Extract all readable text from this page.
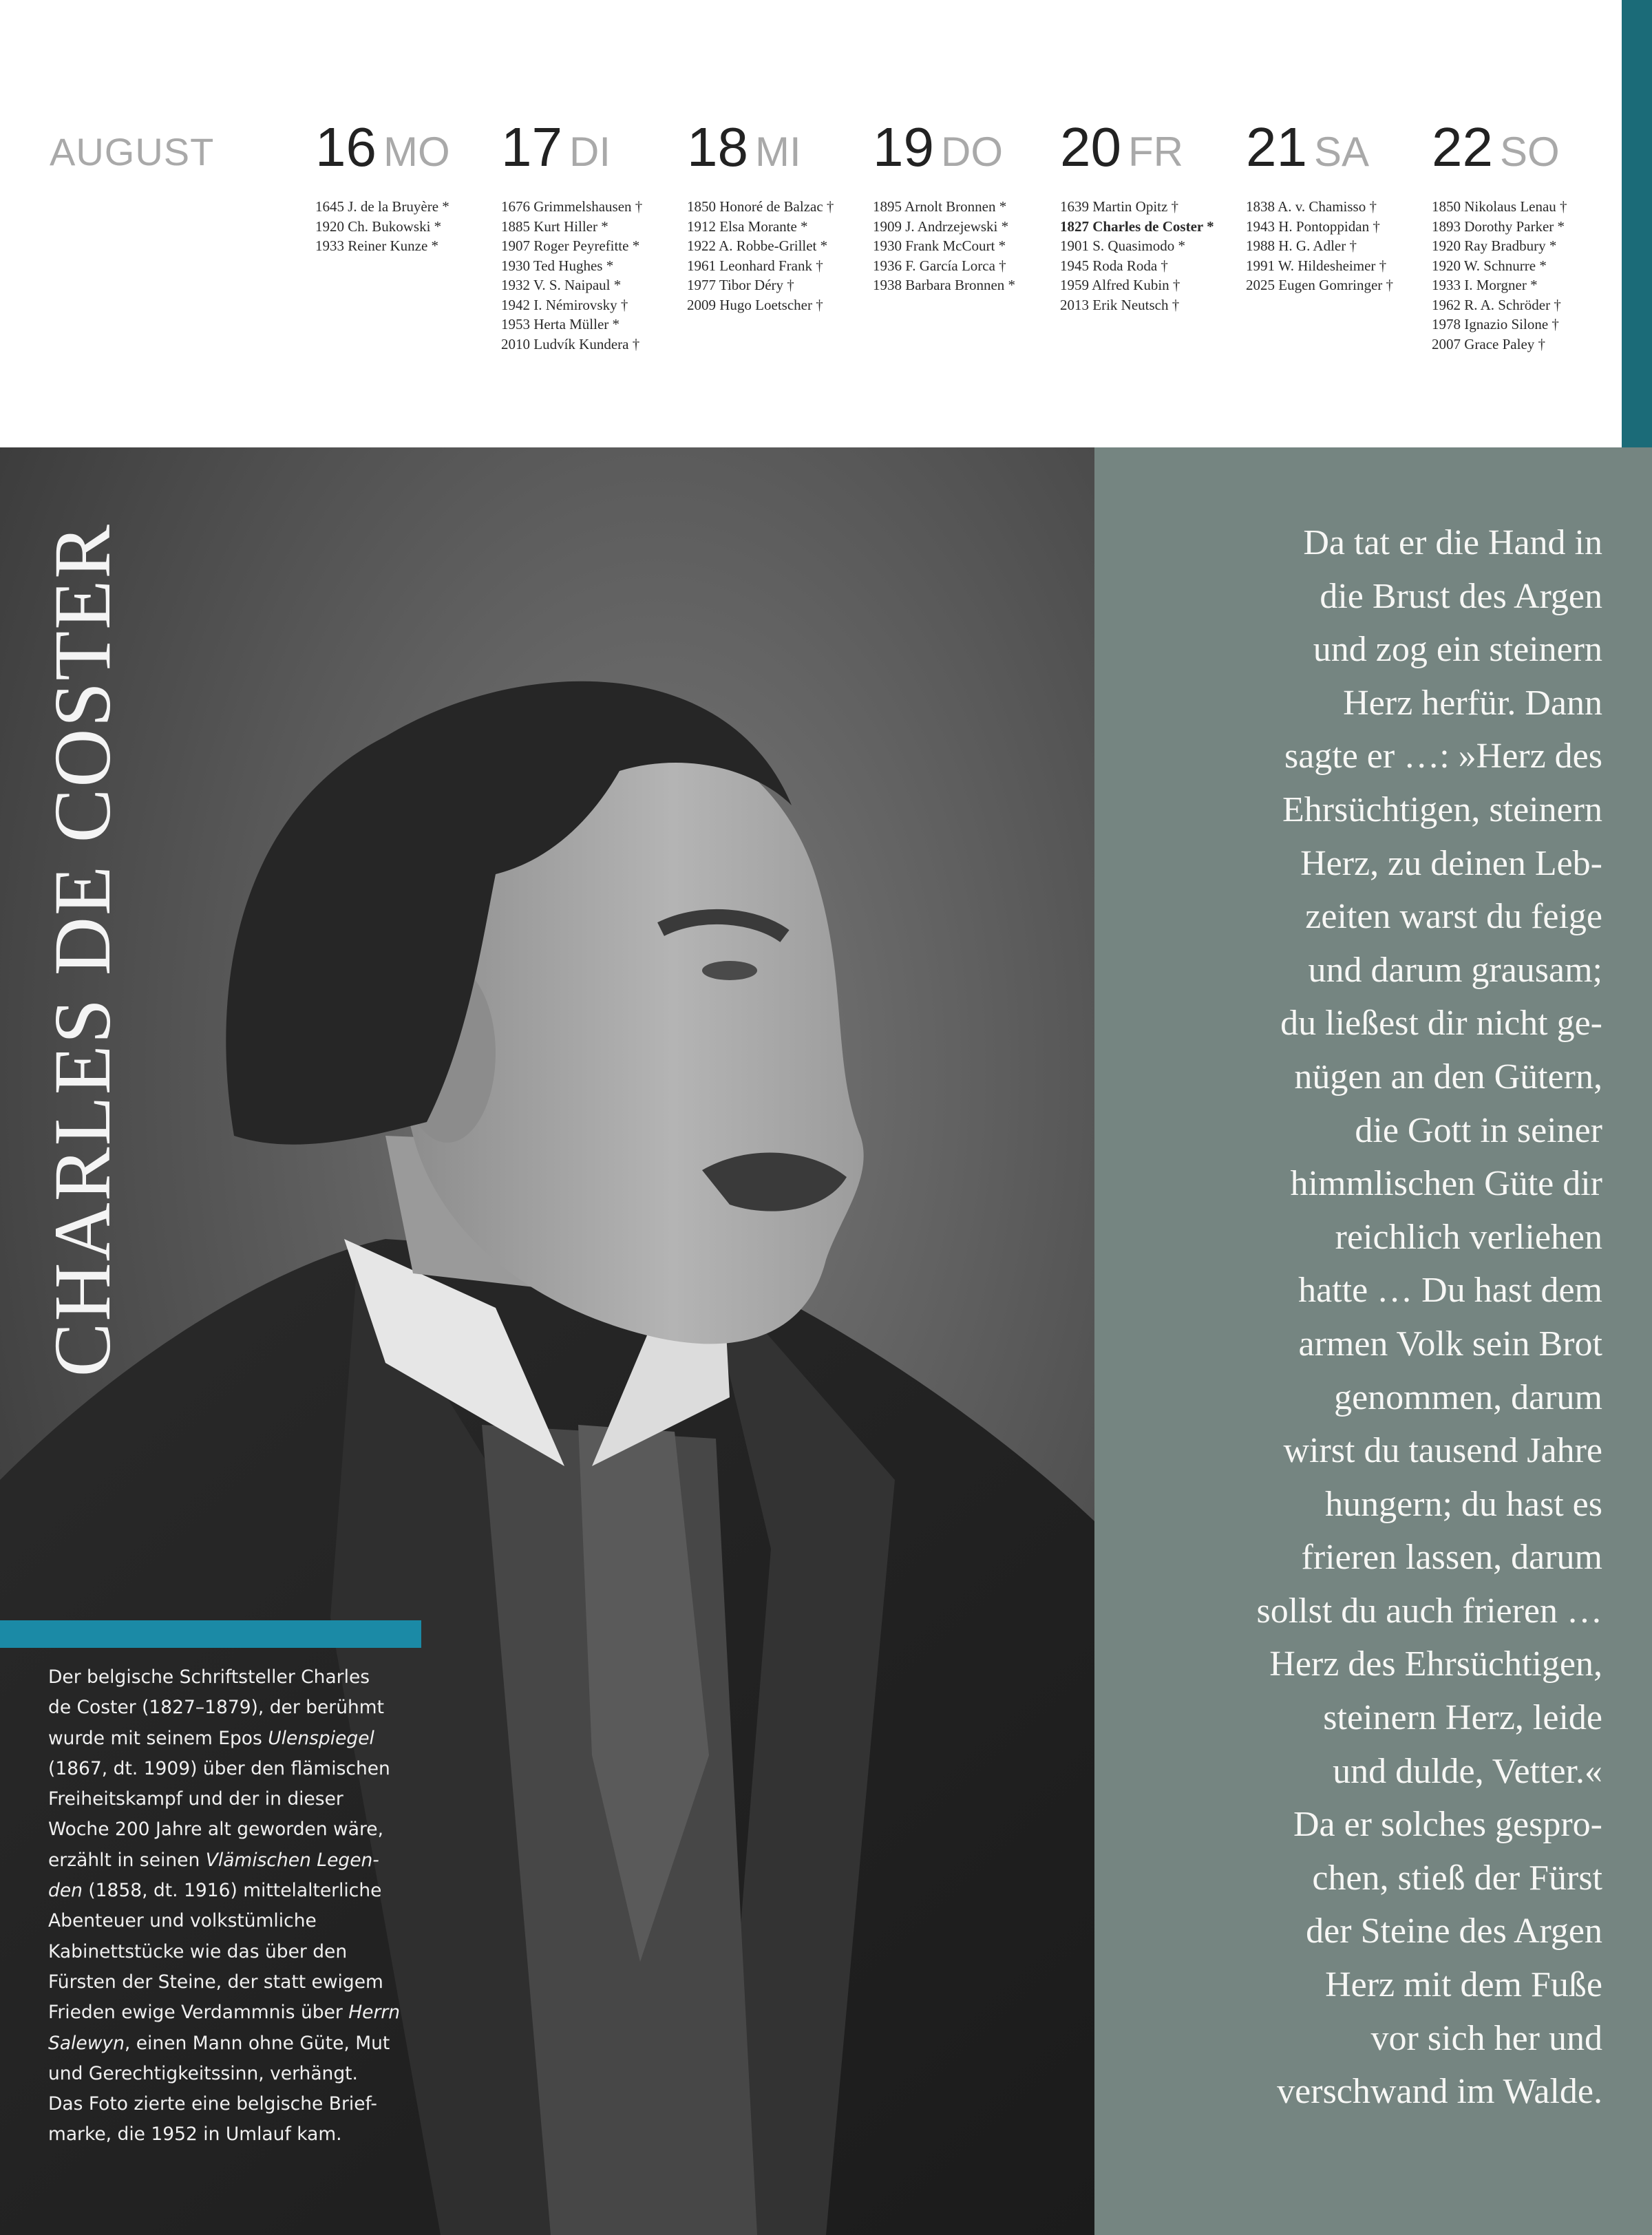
AUGUST 16 MO
1645 J. de la Bruyère *
1920 Ch. Bukowski *
1933 Reiner Kunze *
17 DI
1676 Grimmelshausen †
1885 Kurt Hiller *
1907 Roger Peyrefitte *
1930 Ted Hughes *
1932 V. S. Naipaul *
1942 I. Némirovsky †
1953 Herta Müller *
2010 Ludvík Kundera †
18 MI
1850 Honoré de Balzac †
1912 Elsa Morante *
1922 A. Robbe-Grillet *
1961 Leonhard Frank †
1977 Tibor Déry †
2009 Hugo Loetscher †
19 DO
1895 Arnolt Bronnen *
1909 J. Andrzejewski *
1930 Frank McCourt *
1936 F. García Lorca †
1938 Barbara Bronnen *
20 FR
1639 Martin Opitz †
1827 Charles de Coster *
1901 S. Quasimodo *
1945 Roda Roda †
1959 Alfred Kubin †
2013 Erik Neutsch †
21 SA
1838 A. v. Chamisso †
1943 H. Pontoppidan †
1988 H. G. Adler †
1991 W. Hildesheimer †
2025 Eugen Gomringer †
22 SO
1850 Nikolaus Lenau †
1893 Dorothy Parker *
1920 Ray Bradbury *
1920 W. Schnurre *
1933 I. Morgner *
1962 R. A. Schröder †
1978 Ignazio Silone †
2007 Grace Paley †
CHARLES DE COSTER

Der belgische Schriftsteller Charles

de Coster (1827–1879), der berühmt

wurde mit seinem Epos Ulenspiegel

(1867, dt. 1909) über den flämischen

Freiheitskampf und der in dieser

Woche 200 Jahre alt geworden wäre,

erzählt in seinen Vlämischen Legen-

den (1858, dt. 1916) mittelalterliche

Abenteuer und volkstümliche

Kabinettstücke wie das über den

Fürsten der Steine, der statt ewigem

Frieden ewige Verdammnis über Herrn

Salewyn, einen Mann ohne Güte, Mut

und Gerechtigkeitssinn, verhängt.

Das Foto zierte eine belgische Brief-

marke, die 1952 in Umlauf kam.

Da tat er die Hand in
die Brust des Argen
und zog ein steinern
Herz herfür. Dann
sagte er …: »Herz des
Ehrsüchtigen, steinern
Herz, zu deinen Leb-
zeiten warst du feige
und darum grausam;
du ließest dir nicht ge-
nügen an den Gütern,
die Gott in seiner
himmlischen Güte dir
reichlich verliehen
hatte … Du hast dem
armen Volk sein Brot
genommen, darum
wirst du tausend Jahre
hungern; du hast es
frieren lassen, darum
sollst du auch frieren …
Herz des Ehrsüchtigen,
steinern Herz, leide
und dulde, Vetter.«
Da er solches gespro-
chen, stieß der Fürst
der Steine des Argen
Herz mit dem Fuße
vor sich her und
verschwand im Walde.
